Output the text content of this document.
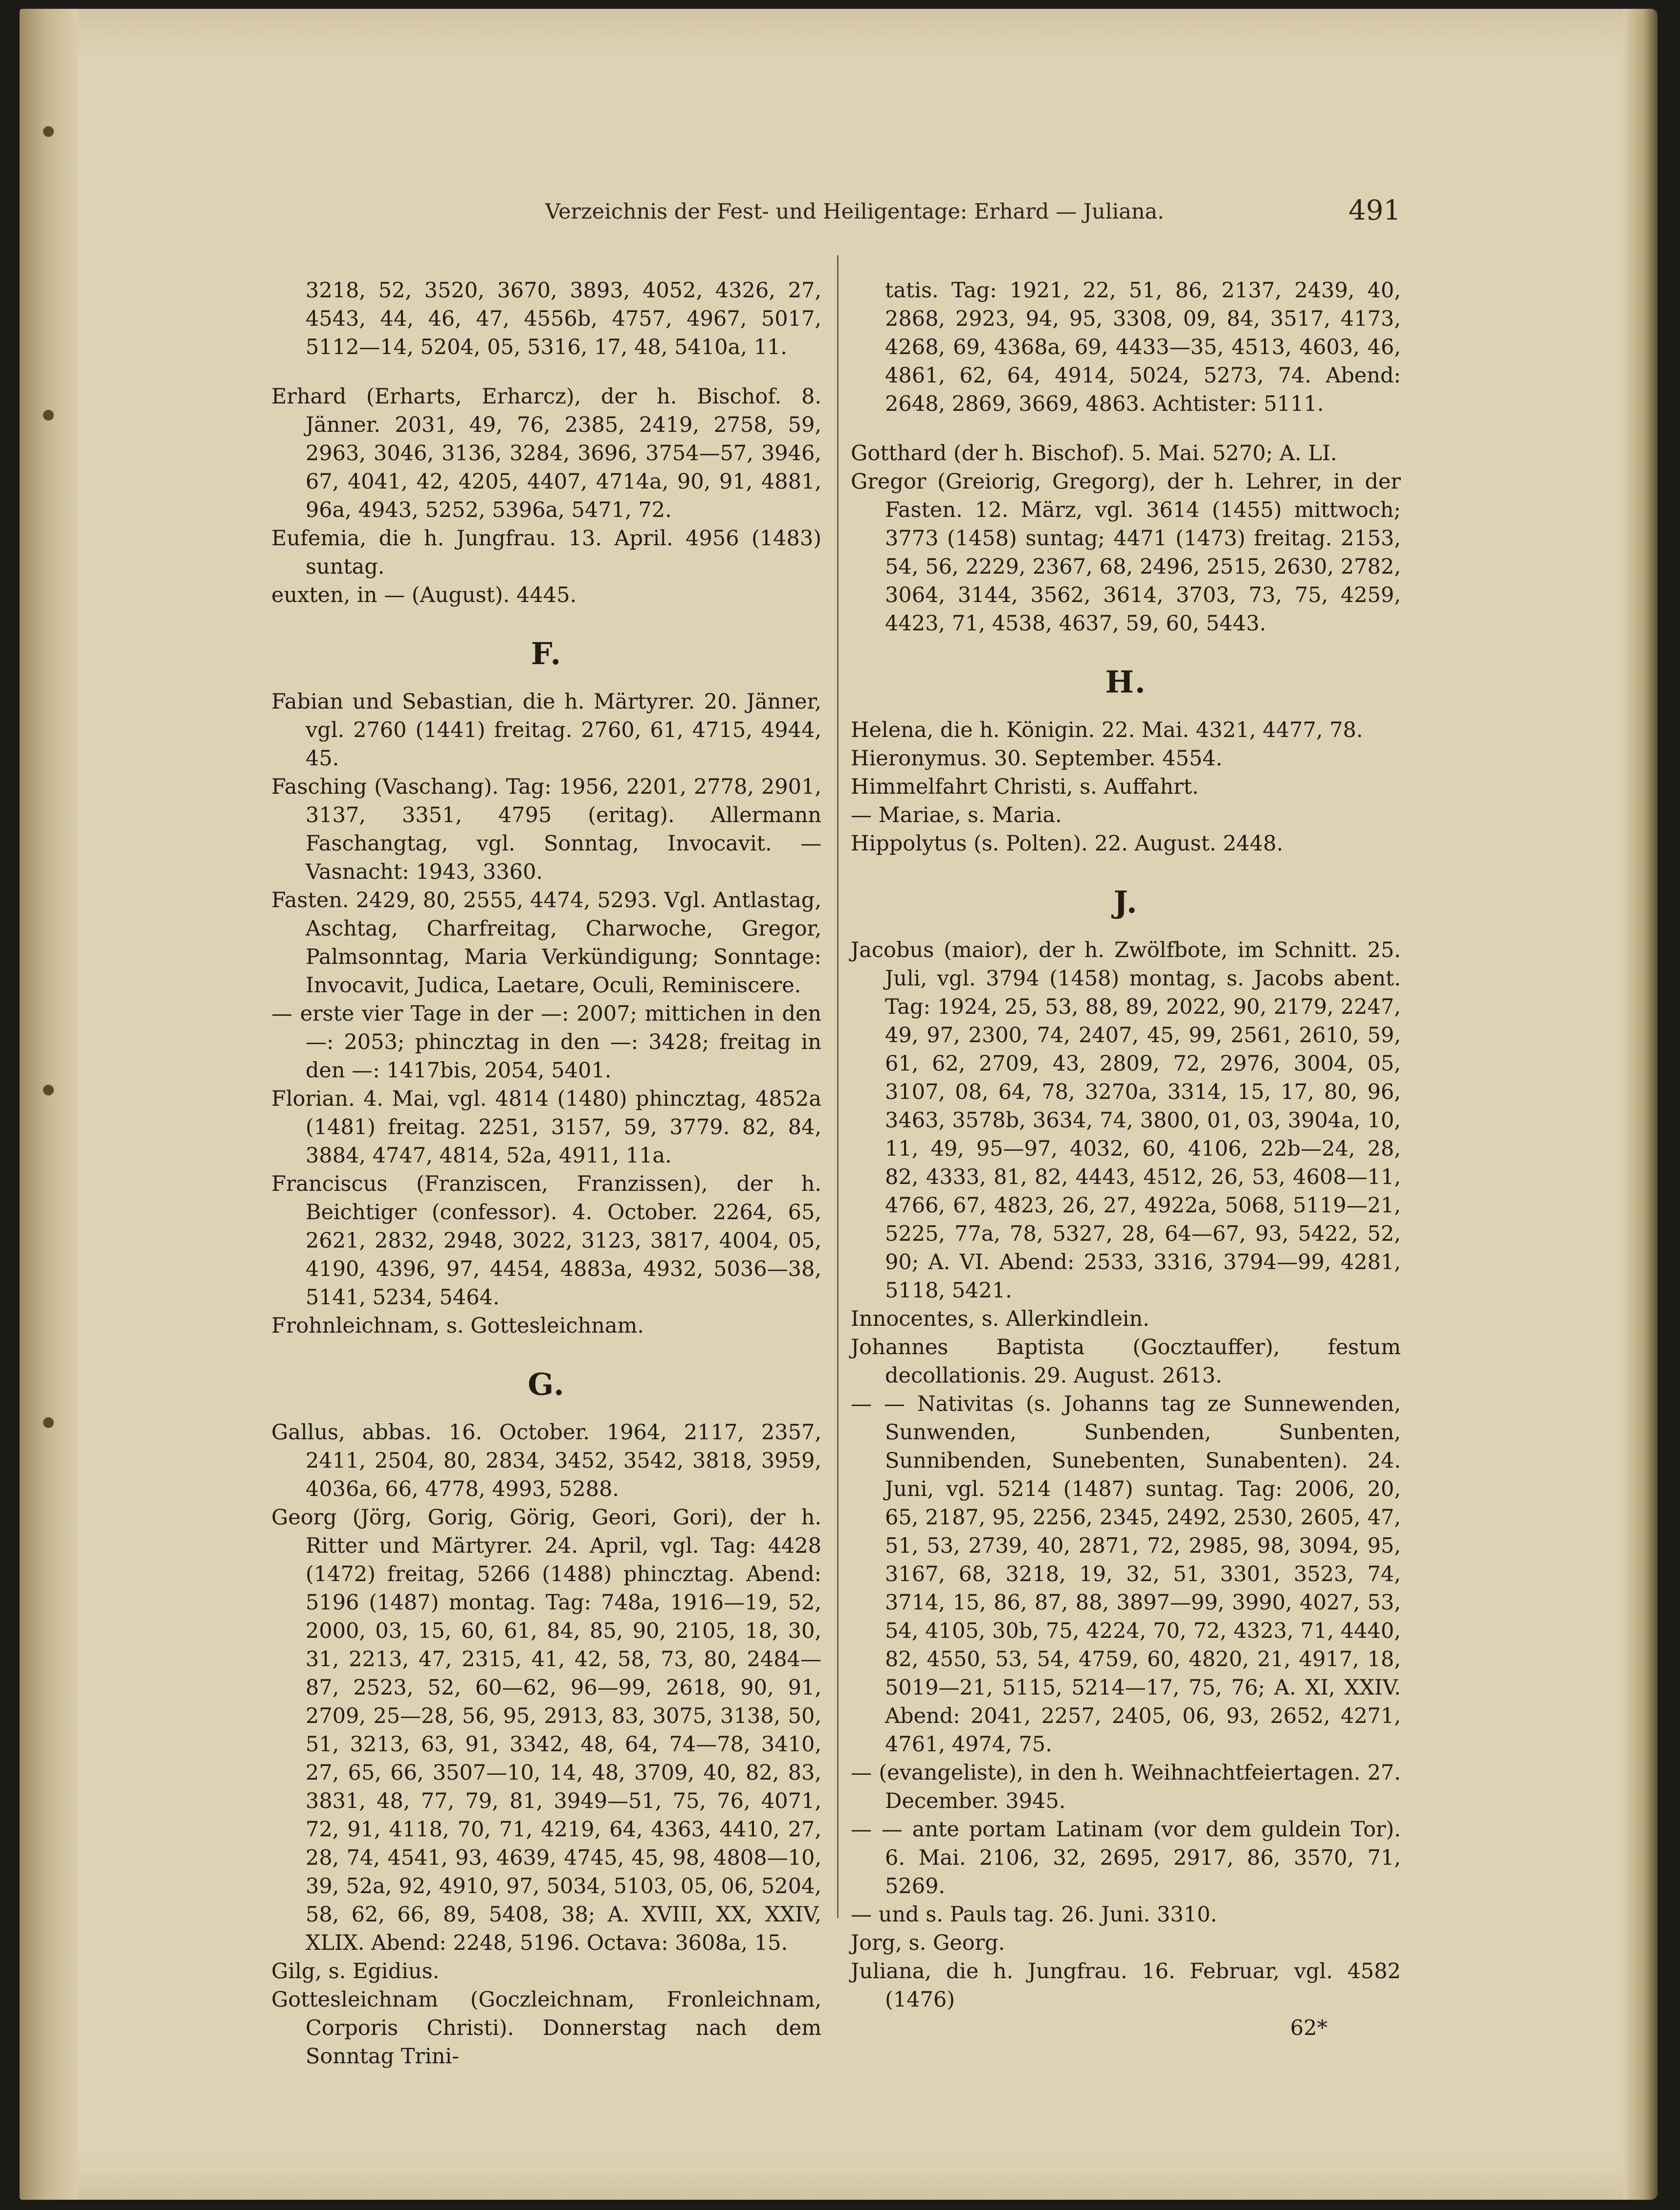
Verzeichnis der Fest- und Heiligentage: Erhard — Juliana.	491

3218, 52, 3520, 3670, 3893, 4052, 4326, 27, 4543, 44, 46, 47, 4556b, 4757, 4967, 5017, 5112—14, 5204, 05, 5316, 17, 48, 5410a, 11.

Erhard (Erharts, Erharcz), der h. Bischof. 8. Jänner. 2031, 49, 76, 2385, 2419, 2758, 59, 2963, 3046, 3136, 3284, 3696, 3754—57, 3946, 67, 4041, 42, 4205, 4407, 4714a, 90, 91, 4881, 96a, 4943, 5252, 5396a, 5471, 72.

Eufemia, die h. Jungfrau. 13. April. 4956 (1483) suntag.

euxten, in — (August). 4445.

F.

Fabian und Sebastian, die h. Märtyrer. 20. Jänner, vgl. 2760 (1441) freitag. 2760, 61, 4715, 4944, 45.

Fasching (Vaschang). Tag: 1956, 2201, 2778, 2901, 3137, 3351, 4795 (eritag). Allermann Faschangtag, vgl. Sonntag, Invocavit. — Vasnacht: 1943, 3360.

Fasten. 2429, 80, 2555, 4474, 5293. Vgl. Antlastag, Aschtag, Charfreitag, Charwoche, Gregor, Palmsonntag, Maria Verkündigung; Sonntage: Invocavit, Judica, Laetare, Oculi, Reminiscere.

— erste vier Tage in der —: 2007; mittichen in den —: 2053; phincztag in den —: 3428; freitag in den —: 1417bis, 2054, 5401.

Florian. 4. Mai, vgl. 4814 (1480) phincztag, 4852a (1481) freitag. 2251, 3157, 59, 3779. 82, 84, 3884, 4747, 4814, 52a, 4911, 11a.

Franciscus (Franziscen, Franzissen), der h. Beichtiger (confessor). 4. October. 2264, 65, 2621, 2832, 2948, 3022, 3123, 3817, 4004, 05, 4190, 4396, 97, 4454, 4883a, 4932, 5036—38, 5141, 5234, 5464.

Frohnleichnam, s. Gottesleichnam.

G.

Gallus, abbas. 16. October. 1964, 2117, 2357, 2411, 2504, 80, 2834, 3452, 3542, 3818, 3959, 4036a, 66, 4778, 4993, 5288.

Georg (Jörg, Gorig, Görig, Geori, Gori), der h. Ritter und Märtyrer. 24. April, vgl. Tag: 4428 (1472) freitag, 5266 (1488) phincztag. Abend: 5196 (1487) montag. Tag: 748a, 1916—19, 52, 2000, 03, 15, 60, 61, 84, 85, 90, 2105, 18, 30, 31, 2213, 47, 2315, 41, 42, 58, 73, 80, 2484—87, 2523, 52, 60—62, 96—99, 2618, 90, 91, 2709, 25—28, 56, 95, 2913, 83, 3075, 3138, 50, 51, 3213, 63, 91, 3342, 48, 64, 74—78, 3410, 27, 65, 66, 3507—10, 14, 48, 3709, 40, 82, 83, 3831, 48, 77, 79, 81, 3949—51, 75, 76, 4071, 72, 91, 4118, 70, 71, 4219, 64, 4363, 4410, 27, 28, 74, 4541, 93, 4639, 4745, 45, 98, 4808—10, 39, 52a, 92, 4910, 97, 5034, 5103, 05, 06, 5204, 58, 62, 66, 89, 5408, 38; A. XVIII, XX, XXIV, XLIX. Abend: 2248, 5196. Octava: 3608a, 15.

Gilg, s. Egidius.

Gottesleichnam (Goczleichnam, Fronleichnam, Corporis Christi). Donnerstag nach dem Sonntag Trini-

tatis. Tag: 1921, 22, 51, 86, 2137, 2439, 40, 2868, 2923, 94, 95, 3308, 09, 84, 3517, 4173, 4268, 69, 4368a, 69, 4433—35, 4513, 4603, 46, 4861, 62, 64, 4914, 5024, 5273, 74. Abend: 2648, 2869, 3669, 4863. Achtister: 5111.

Gotthard (der h. Bischof). 5. Mai. 5270; A. LI.

Gregor (Greiorig, Gregorg), der h. Lehrer, in der Fasten. 12. März, vgl. 3614 (1455) mittwoch; 3773 (1458) suntag; 4471 (1473) freitag. 2153, 54, 56, 2229, 2367, 68, 2496, 2515, 2630, 2782, 3064, 3144, 3562, 3614, 3703, 73, 75, 4259, 4423, 71, 4538, 4637, 59, 60, 5443.

H.

Helena, die h. Königin. 22. Mai. 4321, 4477, 78.

Hieronymus. 30. September. 4554.

Himmelfahrt Christi, s. Auffahrt.

— Mariae, s. Maria.

Hippolytus (s. Polten). 22. August. 2448.

J.

Jacobus (maior), der h. Zwölfbote, im Schnitt. 25. Juli, vgl. 3794 (1458) montag, s. Jacobs abent. Tag: 1924, 25, 53, 88, 89, 2022, 90, 2179, 2247, 49, 97, 2300, 74, 2407, 45, 99, 2561, 2610, 59, 61, 62, 2709, 43, 2809, 72, 2976, 3004, 05, 3107, 08, 64, 78, 3270a, 3314, 15, 17, 80, 96, 3463, 3578b, 3634, 74, 3800, 01, 03, 3904a, 10, 11, 49, 95—97, 4032, 60, 4106, 22b—24, 28, 82, 4333, 81, 82, 4443, 4512, 26, 53, 4608—11, 4766, 67, 4823, 26, 27, 4922a, 5068, 5119—21, 5225, 77a, 78, 5327, 28, 64—67, 93, 5422, 52, 90; A. VI. Abend: 2533, 3316, 3794—99, 4281, 5118, 5421.

Innocentes, s. Allerkindlein.

Johannes Baptista (Gocztauffer), festum decollationis. 29. August. 2613.

— — Nativitas (s. Johanns tag ze Sunnewenden, Sunwenden, Sunbenden, Sunbenten, Sunnibenden, Sunebenten, Sunabenten). 24. Juni, vgl. 5214 (1487) suntag. Tag: 2006, 20, 65, 2187, 95, 2256, 2345, 2492, 2530, 2605, 47, 51, 53, 2739, 40, 2871, 72, 2985, 98, 3094, 95, 3167, 68, 3218, 19, 32, 51, 3301, 3523, 74, 3714, 15, 86, 87, 88, 3897—99, 3990, 4027, 53, 54, 4105, 30b, 75, 4224, 70, 72, 4323, 71, 4440, 82, 4550, 53, 54, 4759, 60, 4820, 21, 4917, 18, 5019—21, 5115, 5214—17, 75, 76; A. XI, XXIV. Abend: 2041, 2257, 2405, 06, 93, 2652, 4271, 4761, 4974, 75.

— (evangeliste), in den h. Weihnachtfeiertagen. 27. December. 3945.

— — ante portam Latinam (vor dem guldein Tor). 6. Mai. 2106, 32, 2695, 2917, 86, 3570, 71, 5269.

— und s. Pauls tag. 26. Juni. 3310.

Jorg, s. Georg.

Juliana, die h. Jungfrau. 16. Februar, vgl. 4582 (1476)

62*
